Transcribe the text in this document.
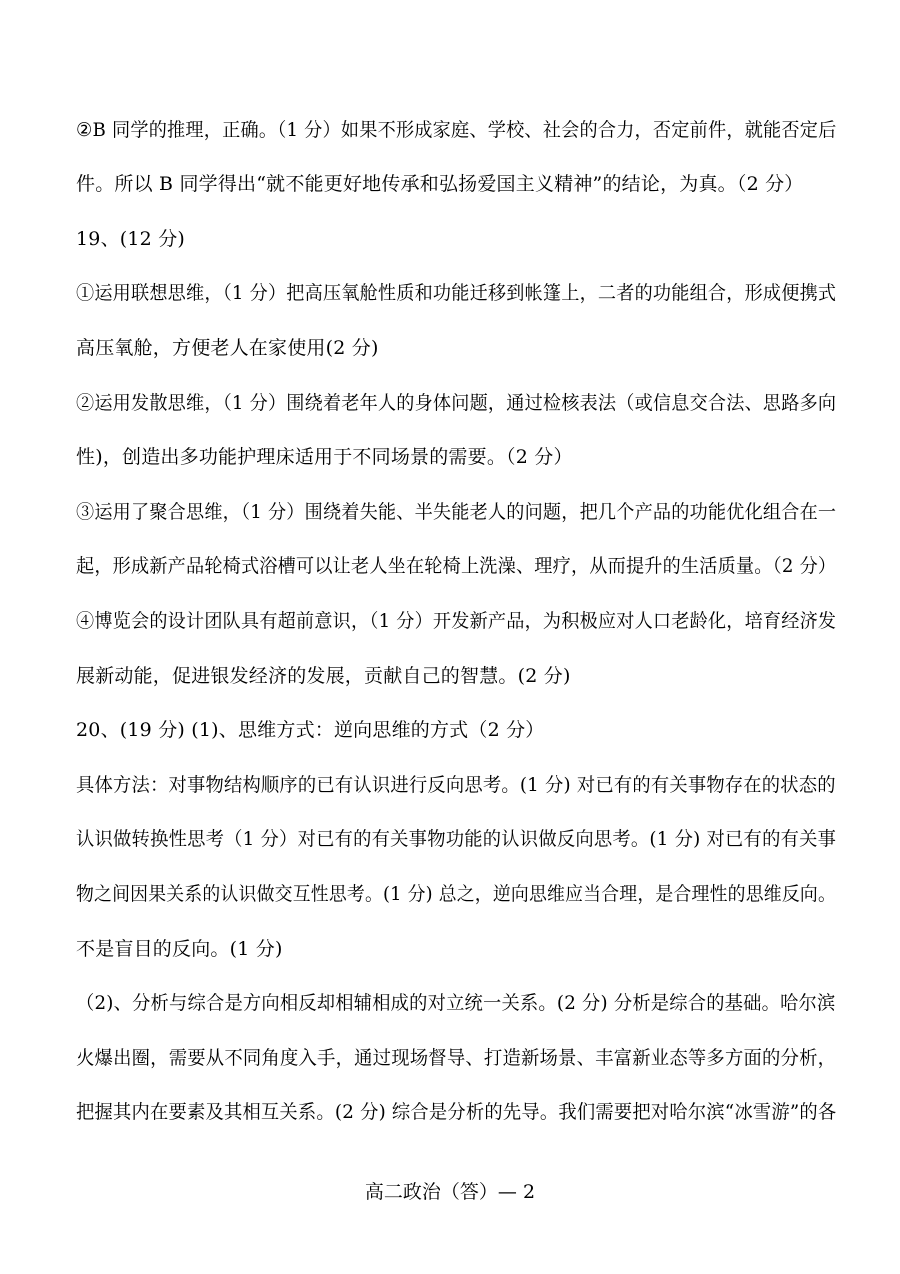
②B 同学的推理，正确。（1 分）如果不形成家庭、学校、社会的合力，否定前件，就能否定后
件。所以 B 同学得出“就不能更好地传承和弘扬爱国主义精神”的结论，为真。（2 分）
19、(12 分)
①运用联想思维，（1 分）把高压氧舱性质和功能迁移到帐篷上，二者的功能组合，形成便携式
高压氧舱，方便老人在家使用(2 分)
②运用发散思维，（1 分）围绕着老年人的身体问题，通过检核表法（或信息交合法、思路多向
性)，创造出多功能护理床适用于不同场景的需要。（2 分）
③运用了聚合思维，（1 分）围绕着失能、半失能老人的问题，把几个产品的功能优化组合在一
起，形成新产品轮椅式浴槽可以让老人坐在轮椅上洗澡、理疗，从而提升的生活质量。（2 分）
④博览会的设计团队具有超前意识，（1 分）开发新产品，为积极应对人口老龄化，培育经济发
展新动能，促进银发经济的发展，贡献自己的智慧。(2 分)
20、(19 分) (1)、思维方式：逆向思维的方式（2 分）
具体方法：对事物结构顺序的已有认识进行反向思考。(1 分) 对已有的有关事物存在的状态的
认识做转换性思考（1 分）对已有的有关事物功能的认识做反向思考。(1 分) 对已有的有关事
物之间因果关系的认识做交互性思考。(1 分) 总之，逆向思维应当合理，是合理性的思维反向。
不是盲目的反向。(1 分)
（2)、分析与综合是方向相反却相辅相成的对立统一关系。(2 分) 分析是综合的基础。哈尔滨
火爆出圈，需要从不同角度入手，通过现场督导、打造新场景、丰富新业态等多方面的分析，
把握其内在要素及其相互关系。(2 分) 综合是分析的先导。我们需要把对哈尔滨“冰雪游”的各
高二政治（答）— 2
